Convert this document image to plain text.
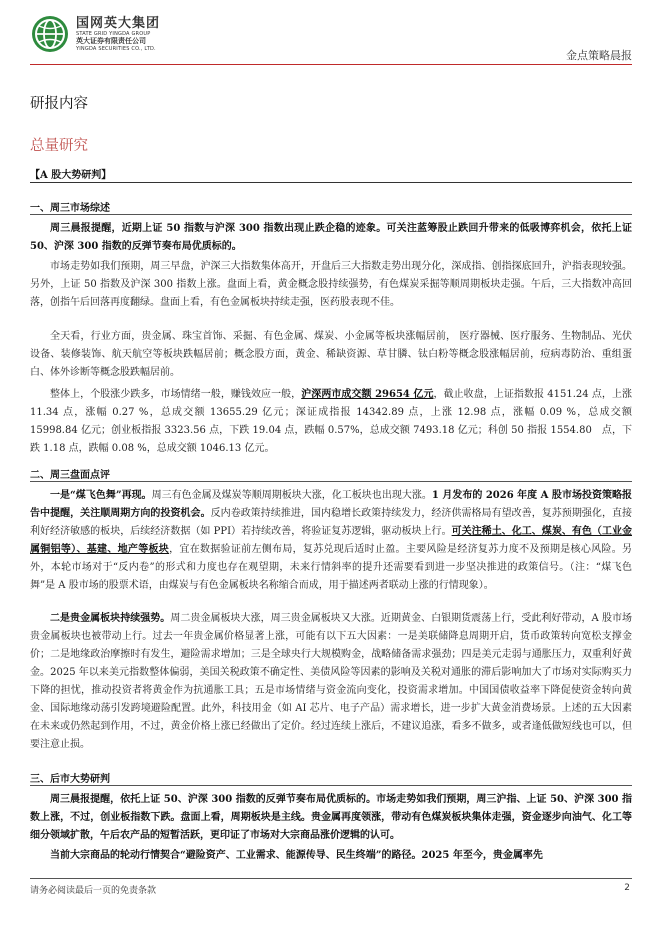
国网英大集团
STATE GRID YINGDA GROUP
英大证券有限责任公司
YINGDA SECURITIES CO., LTD.	金点策略晨报
研报内容
总量研究
【A 股大势研判】
一、周三市场综述

周三晨报提醒，近期上证 50 指数与沪深 300 指数出现止跌企稳的迹象。可关注蓝筹股止跌回升带来的低吸博弈机会，依托上证 50、沪深 300 指数的反弹节奏布局优质标的。

市场走势如我们预期，周三早盘，沪深三大指数集体高开，开盘后三大指数走势出现分化，深成指、创指探底回升，沪指表现较强。另外，上证 50 指数及沪深 300 指数上涨。盘面上看，黄金概念股持续强势，有色煤炭采掘等顺周期板块走强。午后，三大指数冲高回落，创指午后回落再度翻绿。盘面上看，有色金属板块持续走强，医药股表现不佳。

全天看，行业方面，贵金属、珠宝首饰、采掘、有色金属、煤炭、小金属等板块涨幅居前， 医疗器械、医疗服务、生物制品、光伏设备、装修装饰、航天航空等板块跌幅居前；概念股方面，黄金、稀缺资源、草甘膦、钛白粉等概念股涨幅居前，痘病毒防治、重组蛋白、体外诊断等概念股跌幅居前。

整体上，个股涨少跌多，市场情绪一般，赚钱效应一般，沪深两市成交额 29654 亿元，截止收盘，上证指数报 4151.24 点，上涨 11.34 点，涨幅 0.27 %，总成交额 13655.29 亿元；深证成指报 14342.89 点，上涨 12.98 点，涨幅 0.09 %，总成交额 15998.84 亿元；创业板指报 3323.56 点，下跌 19.04 点，跌幅 0.57%，总成交额 7493.18 亿元；科创 50 指报 1554.80　点，下跌 1.18 点，跌幅 0.08 %，总成交额 1046.13 亿元。

二、周三盘面点评

一是“煤飞色舞”再现。周三有色金属及煤炭等顺周期板块大涨，化工板块也出现大涨。1 月发布的 2026 年度 A 股市场投资策略报告中提醒，关注顺周期方向的投资机会。反内卷政策持续推进，国内稳增长政策持续发力，经济供需格局有望改善，复苏预期强化，直接利好经济敏感的板块，后续经济数据（如 PPI）若持续改善，将验证复苏逻辑，驱动板块上行。可关注稀土、化工、煤炭、有色（工业金属铜铝等）、基建、地产等板块，宜在数据验证前左侧布局，复苏兑现后适时止盈。主要风险是经济复苏力度不及预期是核心风险。另外，本轮市场对于“反内卷”的形式和力度也存在观望期，未来行情斜率的提升还需要看到进一步坚决推进的政策信号。（注：“煤飞色舞”是 A 股市场的股票术语，由煤炭与有色金属板块名称缩合而成，用于描述两者联动上涨的行情现象）。

二是贵金属板块持续强势。周二贵金属板块大涨，周三贵金属板块又大涨。近期黄金、白银期货震荡上行，受此利好带动，A 股市场贵金属板块也被带动上行。过去一年贵金属价格显著上涨，可能有以下五大因素：一是美联储降息周期开启，货币政策转向宽松支撑金价；二是地缘政治摩擦时有发生，避险需求增加；三是全球央行大规模购金，战略储备需求强劲；四是美元走弱与通胀压力，双重利好黄金。2025 年以来美元指数整体偏弱，美国关税政策不确定性、美债风险等因素的影响及关税对通胀的滞后影响加大了市场对实际购买力下降的担忧，推动投资者将黄金作为抗通胀工具；五是市场情绪与资金流向变化，投资需求增加。中国国债收益率下降促使资金转向黄金、国际地缘动荡引发跨境避险配置。此外，科技用金（如 AI 芯片、电子产品）需求增长，进一步扩大黄金消费场景。上述的五大因素在未来或仍然起到作用，不过，黄金价格上涨已经做出了定价。经过连续上涨后，不建议追涨，看多不做多，或者逢低做短线也可以，但要注意止损。

三、后市大势研判

周三晨报提醒，依托上证 50、沪深 300 指数的反弹节奏布局优质标的。市场走势如我们预期，周三沪指、上证 50、沪深 300 指数上涨，不过，创业板指数下跌。盘面上看，周期板块是主线。贵金属再度领涨，带动有色煤炭板块集体走强，资金逐步向油气、化工等细分领域扩散，午后农产品的短暂活跃，更印证了市场对大宗商品涨价逻辑的认可。

当前大宗商品的轮动行情契合“避险资产、工业需求、能源传导、民生终端”的路径。2025 年至今，贵金属率先

请务必阅读最后一页的免责条款	2
